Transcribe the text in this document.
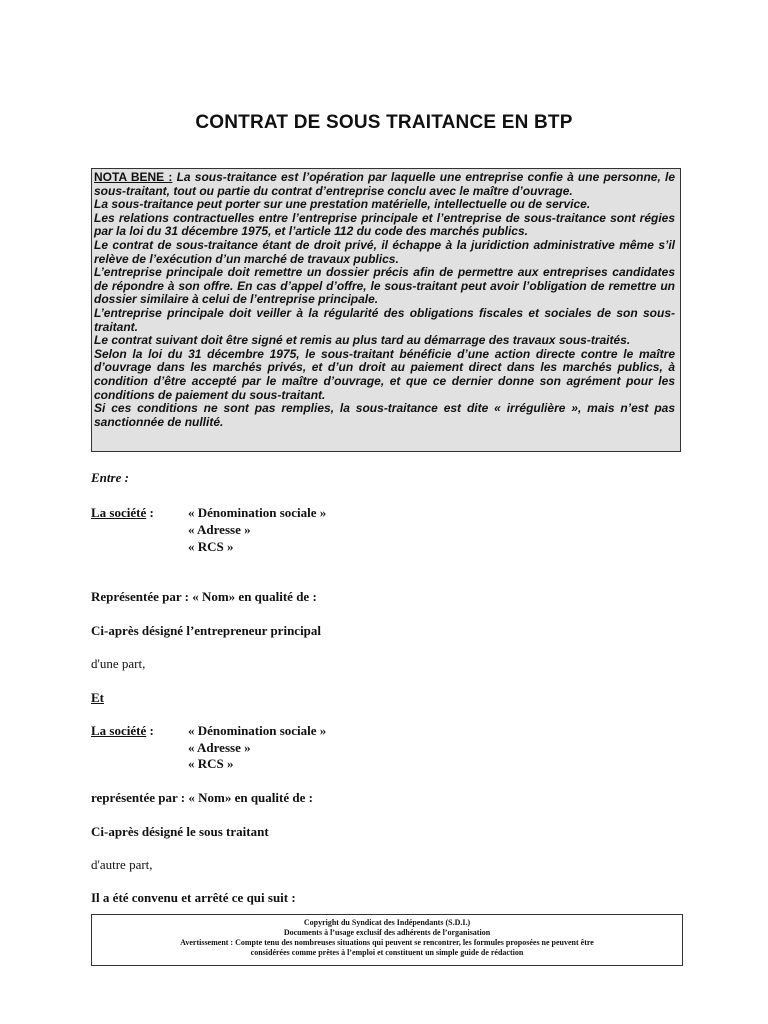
CONTRAT DE SOUS TRAITANCE EN BTP

NOTA BENE : La sous-traitance est l’opération par laquelle une entreprise confie à une personne, le sous-traitant, tout ou partie du contrat d’entreprise conclu avec le maître d’ouvrage.

La sous-traitance peut porter sur une prestation matérielle, intellectuelle ou de service.

Les relations contractuelles entre l’entreprise principale et l’entreprise de sous-traitance sont régies par la loi du 31 décembre 1975, et l’article 112 du code des marchés publics.

Le contrat de sous-traitance étant de droit privé, il échappe à la juridiction administrative même s’il relève de l’exécution d’un marché de travaux publics.

L’entreprise principale doit remettre un dossier précis afin de permettre aux entreprises candidates de répondre à son offre. En cas d’appel d’offre, le sous-traitant peut avoir l’obligation de remettre un dossier similaire à celui de l’entreprise principale.

L’entreprise principale doit veiller à la régularité des obligations fiscales et sociales de son sous-traitant.

Le contrat suivant doit être signé et remis au plus tard au démarrage des travaux sous-traités.

Selon la loi du 31 décembre 1975, le sous-traitant bénéficie d’une action directe contre le maître d’ouvrage dans les marchés privés, et d’un droit au paiement direct dans les marchés publics, à condition d’être accepté par le maître d’ouvrage, et que ce dernier donne son agrément pour les conditions de paiement du sous-traitant.

Si ces conditions ne sont pas remplies, la sous-traitance est dite « irrégulière », mais n’est pas sanctionnée de nullité.

Entre :
La société :	« Dénomination sociale »
« Adresse »
« RCS »
Représentée par : « Nom» en qualité de :
Ci-après désigné l’entrepreneur principal
d'une part,
Et
La société :	« Dénomination sociale »
« Adresse »
« RCS »
représentée par : « Nom» en qualité de :
Ci-après désigné le sous traitant
d'autre part,
Il a été convenu et arrêté ce qui suit :
Copyright du Syndicat des Indépendants (S.D.I.)
Documents à l’usage exclusif des adhérents de l’organisation
Avertissement : Compte tenu des nombreuses situations qui peuvent se rencontrer, les formules proposées ne peuvent être
considérées comme prêtes à l’emploi et constituent un simple guide de rédaction
